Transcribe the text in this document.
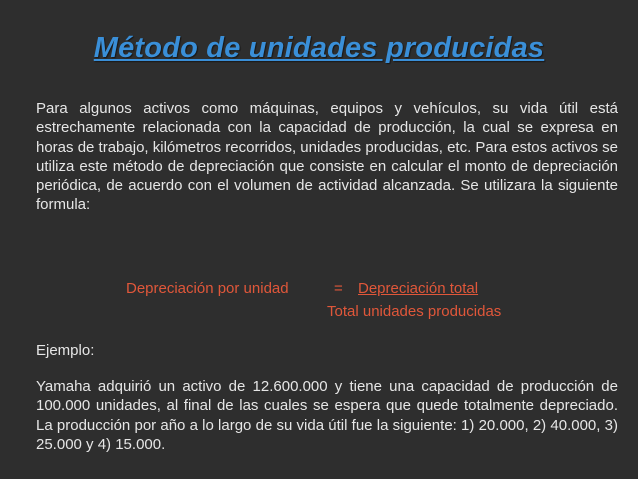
Método de unidades producidas
Para algunos activos como máquinas, equipos y vehículos, su vida útil está estrechamente relacionada con la capacidad de producción, la cual se expresa en horas de trabajo, kilómetros recorridos, unidades producidas, etc. Para estos activos se utiliza este método de depreciación que consiste en calcular el monto de depreciación periódica, de acuerdo con el volumen de actividad alcanzada. Se utilizara la siguiente formula:
Depreciación por unidad	= Depreciación total
Total unidades producidas
Ejemplo:
Yamaha adquirió un activo de 12.600.000 y tiene una capacidad de producción de 100.000 unidades, al final de las cuales se espera que quede totalmente depreciado. La producción por año a lo largo de su vida útil fue la siguiente: 1) 20.000, 2) 40.000, 3) 25.000 y 4) 15.000.
